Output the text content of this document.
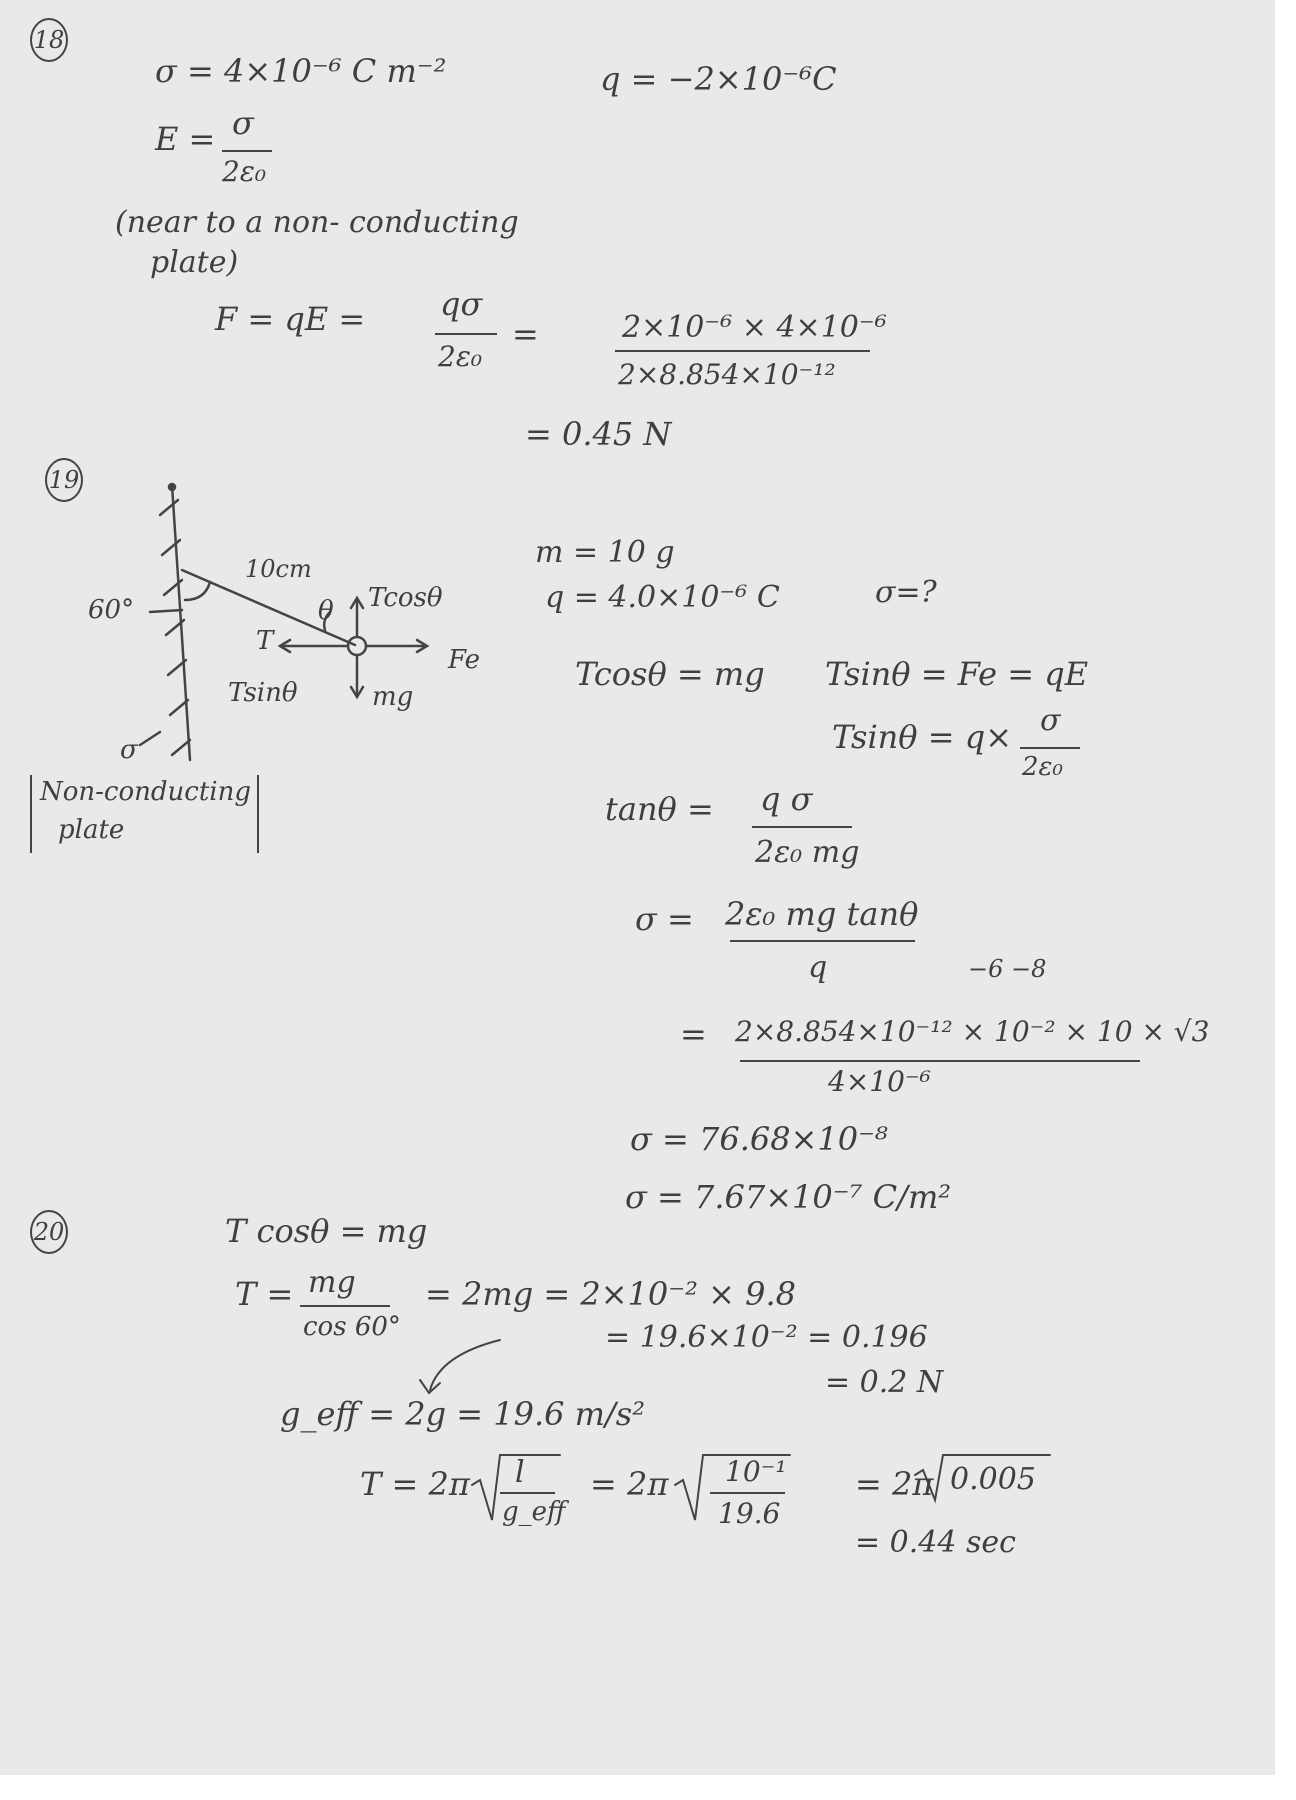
18
σ = 4×10⁻⁶ C m⁻²	q = −2×10⁻⁶C
E = σ
2ε₀
(near to a non- conducting
plate)
F = qE = qσ
2ε₀
=	2×10⁻⁶ × 4×10⁻⁶
2×8.854×10⁻¹²
= 0.45 N
19
10cm
60°	θ Tcosθ
T
Fe
Tsinθ	mg
σ
Non-conducting
plate
m = 10 g
q = 4.0×10⁻⁶ C	σ=?
Tcosθ = mg Tsinθ = Fe = qE
Tsinθ = q× σ
2ε₀
tanθ = q σ
2ε₀ mg
σ = 2ε₀ mg tanθ
q	−6 −8
= 2×8.854×10⁻¹² × 10⁻² × 10 × √3
4×10⁻⁶
σ = 76.68×10⁻⁸
σ = 7.67×10⁻⁷ C/m²
20	T cosθ = mg
T = mg
cos 60°
= 2mg = 2×10⁻² × 9.8
= 19.6×10⁻² = 0.196
= 0.2 N
g_eff = 2g = 19.6 m/s²
T = 2π l
g_eff
= 2π 10⁻¹
19.6
= 2π 0.005
= 0.44 sec
